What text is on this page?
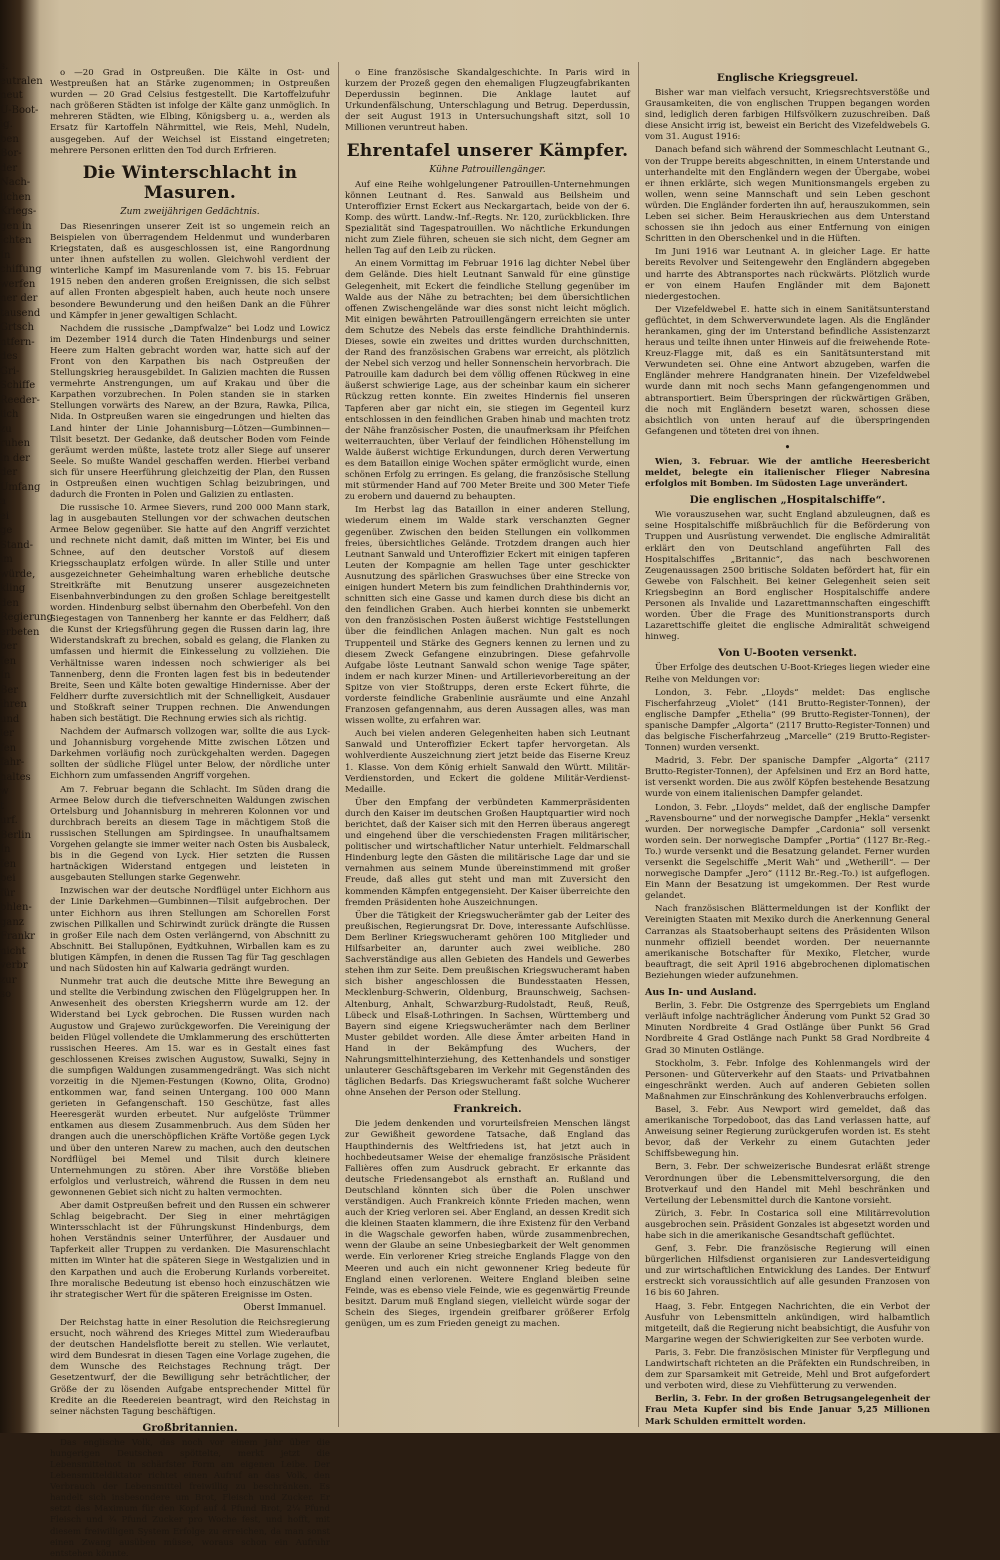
s.
eutralen
neut
U-Boot-
ig.
ben
Bor-
der
Nach-
lichen
Kriegs-
gen in
ichten
In
chiffung
werfen
ner der
tausend
Grtsch
ntfern-
des
Gri-
Schiffe
Reeder-
lich
zu
ruhen
in der
der
Umfang
a
ei
ge
Stand-
im
würde,
kling
den
Regierung
erbeten
ber
fen
In
Ber
ihren
und
ler
fen
fahr-
haltes
w
t
urf.
Berlin
In
fen
bei
für
bhlen-
ganz
Frankr
nicht
verbr
zur
so

o —20 Grad in Ostpreußen. Die Kälte in Ost- und Westpreußen hat an Stärke zugenommen; in Ostpreußen wurden — 20 Grad Celsius festgestellt. Die Kartoffelzufuhr nach größeren Städten ist infolge der Kälte ganz unmöglich. In mehreren Städten, wie Elbing, Königsberg u. a., werden als Ersatz für Kartoffeln Nährmittel, wie Reis, Mehl, Nudeln, ausgegeben. Auf der Weichsel ist Eisstand eingetreten; mehrere Personen erlitten den Tod durch Erfrieren.

Die Winterschlacht in Masuren.
Zum zweijährigen Gedächtnis.

Das Riesenringen unserer Zeit ist so ungemein reich an Beispielen von überragendem Heldenmut und wunderbaren Kriegstaten, daß es ausgeschlossen ist, eine Rangordnung unter ihnen aufstellen zu wollen. Gleichwohl verdient der winterliche Kampf im Masurenlande vom 7. bis 15. Februar 1915 neben den anderen großen Ereignissen, die sich selbst auf allen Fronten abgespielt haben, auch heute noch unsere besondere Bewunderung und den heißen Dank an die Führer und Kämpfer in jener gewaltigen Schlacht.

Nachdem die russische „Dampfwalze“ bei Lodz und Lowicz im Dezember 1914 durch die Taten Hindenburgs und seiner Heere zum Halten gebracht worden war, hatte sich auf der Front von den Karpathen bis nach Ostpreußen der Stellungskrieg herausgebildet. In Galizien machten die Russen vermehrte Anstrengungen, um auf Krakau und über die Karpathen vorzubrechen. In Polen standen sie in starken Stellungen vorwärts des Narew, an der Bzura, Rawka, Pilica, Nida. In Ostpreußen waren sie eingedrungen und hielten das Land hinter der Linie Johannisburg—Lötzen—Gumbinnen—Tilsit besetzt. Der Gedanke, daß deutscher Boden vom Feinde geräumt werden müßte, lastete trotz aller Siege auf unserer Seele. So mußte Wandel geschaffen werden. Hierbei verband sich für unsere Heerführung gleichzeitig der Plan, den Russen in Ostpreußen einen wuchtigen Schlag beizubringen, und dadurch die Fronten in Polen und Galizien zu entlasten.

Die russische 10. Armee Sievers, rund 200 000 Mann stark, lag in ausgebauten Stellungen vor der schwachen deutschen Armee Below gegenüber. Sie hatte auf den Angriff verzichtet und rechnete nicht damit, daß mitten im Winter, bei Eis und Schnee, auf den deutscher Vorstoß auf diesem Kriegsschauplatz erfolgen würde. In aller Stille und unter ausgezeichneter Geheimhaltung waren erhebliche deutsche Streitkräfte mit Benutzung unserer ausgezeichneten Eisenbahnverbindungen zu den großen Schlage bereitgestellt worden. Hindenburg selbst übernahm den Oberbefehl. Von den Siegestagen von Tannenberg her kannte er das Feldherr, daß die Kunst der Kriegsführung gegen die Russen darin lag, ihre Widerstandskraft zu brechen, sobald es gelang, die Flanken zu umfassen und hiermit die Einkesselung zu vollziehen. Die Verhältnisse waren indessen noch schwieriger als bei Tannenberg, denn die Fronten lagen fest bis in bedeutender Breite, Seen und Kälte boten gewaltige Hindernisse. Aber der Feldherr durfte zuversichtlich mit der Schnelligkeit, Ausdauer und Stoßkraft seiner Truppen rechnen. Die Anwendungen haben sich bestätigt. Die Rechnung erwies sich als richtig.

Nachdem der Aufmarsch vollzogen war, sollte die aus Lyck- und Johannisburg vorgehende Mitte zwischen Lötzen und Darkehmen vorläufig noch zurückgehalten werden. Dagegen sollten der südliche Flügel unter Below, der nördliche unter Eichhorn zum umfassenden Angriff vorgehen.

Am 7. Februar begann die Schlacht. Im Süden drang die Armee Below durch die tiefverschneiten Waldungen zwischen Ortelsburg und Johannisburg in mehreren Kolonnen vor und durchbrach bereits an diesem Tage in mächtigem Stoß die russischen Stellungen am Spirdingsee. In unaufhaltsamem Vorgehen gelangte sie immer weiter nach Osten bis Ausbaleck, bis in die Gegend von Lyck. Hier setzten die Russen hartnäckigen Widerstand entgegen und leisteten in ausgebauten Stellungen starke Gegenwehr.

Inzwischen war der deutsche Nordflügel unter Eichhorn aus der Linie Darkehmen—Gumbinnen—Tilsit aufgebrochen. Der unter Eichhorn aus ihren Stellungen am Schorellen Forst zwischen Pillkallen und Schirwindt zurück drängte die Russen in großer Eile nach dem Osten verlängernd, von Abschnitt zu Abschnitt. Bei Stallupönen, Eydtkuhnen, Wirballen kam es zu blutigen Kämpfen, in denen die Russen Tag für Tag geschlagen und nach Südosten hin auf Kalwaria gedrängt wurden.

Nunmehr trat auch die deutsche Mitte ihre Bewegung an und stellte die Verbindung zwischen den Flügelgruppen her. In Anwesenheit des obersten Kriegsherrn wurde am 12. der Widerstand bei Lyck gebrochen. Die Russen wurden nach Augustow und Grajewo zurückgeworfen. Die Vereinigung der beiden Flügel vollendete die Umklammerung des erschütterten russischen Heeres. Am 15. war es in Gestalt eines fast geschlossenen Kreises zwischen Augustow, Suwalki, Sejny in die sumpfigen Waldungen zusammengedrängt. Was sich nicht vorzeitig in die Njemen-Festungen (Kowno, Olita, Grodno) entkommen war, fand seinen Untergang. 100 000 Mann gerieten in Gefangenschaft. 150 Geschütze, fast alles Heeresgerät wurden erbeutet. Nur aufgelöste Trümmer entkamen aus diesem Zusammenbruch. Aus dem Süden her drangen auch die unerschöpflichen Kräfte Vortöße gegen Lyck und über den unteren Narew zu machen, auch den deutschen Nordflügel bei Memel und Tilsit durch kleinere Unternehmungen zu stören. Aber ihre Vorstöße blieben erfolglos und verlustreich, während die Russen in dem neu gewonnenen Gebiet sich nicht zu halten vermochten.

Aber damit Ostpreußen befreit und den Russen ein schwerer Schlag beigebracht. Der Sieg in einer mehrtägigen Wintersschlacht ist der Führungskunst Hindenburgs, dem hohen Verständnis seiner Unterführer, der Ausdauer und Tapferkeit aller Truppen zu verdanken. Die Masurenschlacht mitten im Winter hat die späteren Siege in Westgalizien und in den Karpathen und auch die Eroberung Kurlands vorbereitet. Ihre moralische Bedeutung ist ebenso hoch einzuschätzen wie ihr strategischer Wert für die späteren Ereignisse im Osten.

Oberst Immanuel.

Der Reichstag hatte in einer Resolution die Reichsregierung ersucht, noch während des Krieges Mittel zum Wiederaufbau der deutschen Handelsflotte bereit zu stellen. Wie verlautet, wird dem Bundesrat in diesen Tagen eine Vorlage zugehen, die dem Wunsche des Reichstages Rechnung trägt. Der Gesetzentwurf, der die Bewilligung sehr beträchtlicher, der Größe der zu lösenden Aufgabe entsprechender Mittel für Kredite an die Reedereien beantragt, wird den Reichstag in seiner nächsten Tagung beschäftigen.

Großbritannien.

Das englische Volk, das noch vor einem Jahr über die hungerigen Deutschen spöttelte, merkt jetzt die Lebensmittelnot in schärfster Form am eigenen Leibe. Der Lebensmitteldiktator richtet einen Aufruf an das Volk, den Verbrauch der Lebensmittel freiwillig zu beschränken. Es handelt sich insbesondere um Brot, Fleisch und Zucker. Er setzt das Maximum für den Kopf auf 4 Pfund Brot, 2¼ Pfund Fleisch und ¾ Pfund Zucker pro Woche fest, und hofft, mit diesem freiwilligen System Erfolge zu erreichen, da man sonst einen Zwang ausüben müsse, woraus schon ein Aufruhr entstehen könnte.

o Eine französische Skandalgeschichte. In Paris wird in kurzem der Prozeß gegen den ehemaligen Flugzeugfabrikanten Deperdussin beginnen. Die Anklage lautet auf Urkundenfälschung, Unterschlagung und Betrug. Deperdussin, der seit August 1913 in Untersuchungshaft sitzt, soll 10 Millionen veruntreut haben.

Ehrentafel unserer Kämpfer.
Kühne Patrouillengänger.

Auf eine Reihe wohlgelungener Patrouillen-Unternehmungen können Leutnant d. Res. Sanwald aus Beilsheim und Unteroffizier Ernst Eckert aus Neckargartach, beide von der 6. Komp. des württ. Landw.-Inf.-Regts. Nr. 120, zurückblicken. Ihre Spezialität sind Tagespatrouillen. Wo nächtliche Erkundungen nicht zum Ziele führen, scheuen sie sich nicht, dem Gegner am hellen Tag auf den Leib zu rücken.

An einem Vormittag im Februar 1916 lag dichter Nebel über dem Gelände. Dies hielt Leutnant Sanwald für eine günstige Gelegenheit, mit Eckert die feindliche Stellung gegenüber im Walde aus der Nähe zu betrachten; bei dem übersichtlichen offenen Zwischengelände war dies sonst nicht leicht möglich. Mit einigen bewährten Patrouillengängern erreichten sie unter dem Schutze des Nebels das erste feindliche Drahthindernis. Dieses, sowie ein zweites und drittes wurden durchschnitten, der Rand des französischen Grabens war erreicht, als plötzlich der Nebel sich verzog und heller Sonnenschein hervorbrach. Die Patrouille kam dadurch bei dem völlig offenen Rückweg in eine äußerst schwierige Lage, aus der scheinbar kaum ein sicherer Rückzug retten konnte. Ein zweites Hindernis fiel unseren Tapferen aber gar nicht ein, sie stiegen im Gegenteil kurz entschlossen in den feindlichen Graben hinab und machten trotz der Nähe französischer Posten, die unaufmerksam ihr Pfeifchen weiterrauchten, über Verlauf der feindlichen Höhenstellung im Walde äußerst wichtige Erkundungen, durch deren Verwertung es dem Bataillon einige Wochen später ermöglicht wurde, einen schönen Erfolg zu erringen. Es gelang, die französische Stellung mit stürmender Hand auf 700 Meter Breite und 300 Meter Tiefe zu erobern und dauernd zu behaupten.

Im Herbst lag das Bataillon in einer anderen Stellung, wiederum einem im Walde stark verschanzten Gegner gegenüber. Zwischen den beiden Stellungen ein vollkommen freies, übersichtliches Gelände. Trotzdem drangen auch hier Leutnant Sanwald und Unteroffizier Eckert mit einigen tapferen Leuten der Kompagnie am hellen Tage unter geschickter Ausnutzung des spärlichen Graswuchses über eine Strecke von einigen hundert Metern bis zum feindlichen Drahthindernis vor, schnitten sich eine Gasse und kamen durch diese bis dicht an den feindlichen Graben. Auch hierbei konnten sie unbemerkt von den französischen Posten äußerst wichtige Feststellungen über die feindlichen Anlagen machen. Nun galt es noch Truppenteil und Stärke des Gegners kennen zu lernen und zu diesem Zweck Gefangene einzubringen. Diese gefahrvolle Aufgabe löste Leutnant Sanwald schon wenige Tage später, indem er nach kurzer Minen- und Artillerievorbereitung an der Spitze von vier Stoßtrupps, deren erste Eckert führte, die vorderste feindliche Grabenlinie ausräumte und eine Anzahl Franzosen gefangennahm, aus deren Aussagen alles, was man wissen wollte, zu erfahren war.

Auch bei vielen anderen Gelegenheiten haben sich Leutnant Sanwald und Unteroffizier Eckert tapfer hervorgetan. Als wohlverdiente Auszeichnung ziert jetzt beide das Eiserne Kreuz 1. Klasse. Von dem König erhielt Sanwald den Württ. Militär-Verdienstorden, und Eckert die goldene Militär-Verdienst-Medaille.

Über den Empfang der verbündeten Kammerpräsidenten durch den Kaiser im deutschen Großen Hauptquartier wird noch berichtet, daß der Kaiser sich mit den Herren überaus angeregt und eingehend über die verschiedensten Fragen militärischer, politischer und wirtschaftlicher Natur unterhielt. Feldmarschall Hindenburg legte den Gästen die militärische Lage dar und sie vernahmen aus seinem Munde übereinstimmend mit großer Freude, daß alles gut steht und man mit Zuversicht den kommenden Kämpfen entgegensieht. Der Kaiser überreichte den fremden Präsidenten hohe Auszeichnungen.

Über die Tätigkeit der Kriegswucherämter gab der Leiter des preußischen, Regierungsrat Dr. Dove, interessante Aufschlüsse. Dem Berliner Kriegswucheramt gehören 100 Mitglieder und Hilfsarbeiter an, darunter auch zwei weibliche. 280 Sachverständige aus allen Gebieten des Handels und Gewerbes stehen ihm zur Seite. Dem preußischen Kriegswucheramt haben sich bisher angeschlossen die Bundesstaaten Hessen, Mecklenburg-Schwerin, Oldenburg, Braunschweig, Sachsen-Altenburg, Anhalt, Schwarzburg-Rudolstadt, Reuß, Reuß, Lübeck und Elsaß-Lothringen. In Sachsen, Württemberg und Bayern sind eigene Kriegswucherämter nach dem Berliner Muster gebildet worden. Alle diese Ämter arbeiten Hand in Hand in der Bekämpfung des Wuchers, der Nahrungsmittelhinterziehung, des Kettenhandels und sonstiger unlauterer Geschäftsgebaren im Verkehr mit Gegenständen des täglichen Bedarfs. Das Kriegswucheramt faßt solche Wucherer ohne Ansehen der Person oder Stellung.

Frankreich.

Die jedem denkenden und vorurteilsfreien Menschen längst zur Gewißheit gewordene Tatsache, daß England das Haupthindernis des Weltfriedens ist, hat jetzt auch in hochbedeutsamer Weise der ehemalige französische Präsident Fallières offen zum Ausdruck gebracht. Er erkannte das deutsche Friedensangebot als ernsthaft an. Rußland und Deutschland könnten sich über die Polen unschwer verständigen. Auch Frankreich könnte Frieden machen, wenn auch der Krieg verloren sei. Aber England, an dessen Kredit sich die kleinen Staaten klammern, die ihre Existenz für den Verband in die Wagschale geworfen haben, würde zusammenbrechen, wenn der Glaube an seine Unbesiegbarkeit der Welt genommen werde. Ein verlorener Krieg streiche Englands Flagge von den Meeren und auch ein nicht gewonnener Krieg bedeute für England einen verlorenen. Weitere England bleiben seine Feinde, was es ebenso viele Feinde, wie es gegenwärtig Freunde besitzt. Darum muß England siegen, vielleicht würde sogar der Schein des Sieges, irgendein greifbarer größerer Erfolg genügen, um es zum Frieden geneigt zu machen.

Englische Kriegsgreuel.

Bisher war man vielfach versucht, Kriegsrechtsverstöße und Grausamkeiten, die von englischen Truppen begangen worden sind, lediglich deren farbigen Hilfsvölkern zuzuschreiben. Daß diese Ansicht irrig ist, beweist ein Bericht des Vizefeldwebels G. vom 31. August 1916:

Danach befand sich während der Sommeschlacht Leutnant G., von der Truppe bereits abgeschnitten, in einem Unterstande und unterhandelte mit den Engländern wegen der Übergabe, wobei er ihnen erklärte, sich wegen Munitionsmangels ergeben zu wollen, wenn seine Mannschaft und sein Leben geschont würden. Die Engländer forderten ihn auf, herauszukommen, sein Leben sei sicher. Beim Herauskriechen aus dem Unterstand schossen sie ihn jedoch aus einer Entfernung von einigen Schritten in den Oberschenkel und in die Hüften.

Im Juni 1916 war Leutnant A. in gleicher Lage. Er hatte bereits Revolver und Seitengewehr den Engländern abgegeben und harrte des Abtransportes nach rückwärts. Plötzlich wurde er von einem Haufen Engländer mit dem Bajonett niedergestochen.

Der Vizefeldwebel E. hatte sich in einem Sanitätsunterstand geflüchtet, in dem Schwerverwundete lagen. Als die Engländer herankamen, ging der im Unterstand befindliche Assistenzarzt heraus und teilte ihnen unter Hinweis auf die freiwehende Rote-Kreuz-Flagge mit, daß es ein Sanitätsunterstand mit Verwundeten sei. Ohne eine Antwort abzugeben, warfen die Engländer mehrere Handgranaten hinein. Der Vizefeldwebel wurde dann mit noch sechs Mann gefangengenommen und abtransportiert. Beim Überspringen der rückwärtigen Gräben, die noch mit Engländern besetzt waren, schossen diese absichtlich von unten herauf auf die überspringenden Gefangenen und töteten drei von ihnen.

•

Wien, 3. Februar. Wie der amtliche Heeresbericht meldet, belegte ein italienischer Flieger Nabresina erfolglos mit Bomben. Im Südosten Lage unverändert.

Die englischen „Hospitalschiffe“.

Wie vorauszusehen war, sucht England abzuleugnen, daß es seine Hospitalschiffe mißbräuchlich für die Beförderung von Truppen und Ausrüstung verwendet. Die englische Admiralität erklärt den von Deutschland angeführten Fall des Hospitalschiffes „Britannic“, das nach beschworenen Zeugenaussagen 2500 britische Soldaten befördert hat, für ein Gewebe von Falschheit. Bei keiner Gelegenheit seien seit Kriegsbeginn an Bord englischer Hospitalschiffe andere Personen als Invalide und Lazarettmannschaften eingeschifft worden. Über die Frage des Munitionstransports durch Lazarettschiffe gleitet die englische Admiralität schweigend hinweg.

Von U-Booten versenkt.

Über Erfolge des deutschen U-Boot-Krieges liegen wieder eine Reihe von Meldungen vor:

London, 3. Febr. „Lloyds“ meldet: Das englische Fischerfahrzeug „Violet“ (141 Brutto-Register-Tonnen), der englische Dampfer „Ethelia“ (99 Brutto-Register-Tonnen), der spanische Dampfer „Algorta“ (2117 Brutto-Register-Tonnen) und das belgische Fischerfahrzeug „Marcelle“ (219 Brutto-Register-Tonnen) wurden versenkt.

Madrid, 3. Febr. Der spanische Dampfer „Algorta“ (2117 Brutto-Register-Tonnen), der Apfelsinen und Erz an Bord hatte, ist versenkt worden. Die aus zwölf Köpfen bestehende Besatzung wurde von einem italienischen Dampfer gelandet.

London, 3. Febr. „Lloyds“ meldet, daß der englische Dampfer „Ravensbourne“ und der norwegische Dampfer „Hekla“ versenkt wurden. Der norwegische Dampfer „Cardonia“ soll versenkt worden sein. Der norwegische Dampfer „Portia“ (1127 Br.-Reg.-To.) wurde versenkt und die Besatzung gelandet. Ferner wurden versenkt die Segelschiffe „Merit Wah“ und „Wetherill“. — Der norwegische Dampfer „Jero“ (1112 Br.-Reg.-To.) ist aufgeflogen. Ein Mann der Besatzung ist umgekommen. Der Rest wurde gelandet.

Nach französischen Blättermeldungen ist der Konflikt der Vereinigten Staaten mit Mexiko durch die Anerkennung General Carranzas als Staatsoberhaupt seitens des Präsidenten Wilson nunmehr offiziell beendet worden. Der neuernannte amerikanische Botschafter für Mexiko, Fletcher, wurde beauftragt, die seit April 1916 abgebrochenen diplomatischen Beziehungen wieder aufzunehmen.

Aus In- und Ausland.

Berlin, 3. Febr. Die Ostgrenze des Sperrgebiets um England verläuft infolge nachträglicher Änderung vom Punkt 52 Grad 30 Minuten Nordbreite 4 Grad Ostlänge über Punkt 56 Grad Nordbreite 4 Grad Ostlänge nach Punkt 58 Grad Nordbreite 4 Grad 30 Minuten Ostlänge.

Stockholm, 3. Febr. Infolge des Kohlenmangels wird der Personen- und Güterverkehr auf den Staats- und Privatbahnen eingeschränkt werden. Auch auf anderen Gebieten sollen Maßnahmen zur Einschränkung des Kohlenverbrauchs erfolgen.

Basel, 3. Febr. Aus Newport wird gemeldet, daß das amerikanische Torpedoboot, das das Land verlassen hatte, auf Anweisung seiner Regierung zurückgerufen worden ist. Es steht bevor, daß der Verkehr zu einem Gutachten jeder Schiffsbewegung hin.

Bern, 3. Febr. Der schweizerische Bundesrat erläßt strenge Verordnungen über die Lebensmittelversorgung, die den Brotverkauf und den Handel mit Mehl beschränken und Verteilung der Lebensmittel durch die Kantone vorsieht.

Zürich, 3. Febr. In Costarica soll eine Militärrevolution ausgebrochen sein. Präsident Gonzales ist abgesetzt worden und habe sich in die amerikanische Gesandtschaft geflüchtet.

Genf, 3. Febr. Die französische Regierung will einen bürgerlichen Hilfsdienst organisieren zur Landesverteidigung und zur wirtschaftlichen Entwicklung des Landes. Der Entwurf erstreckt sich voraussichtlich auf alle gesunden Franzosen von 16 bis 60 Jahren.

Haag, 3. Febr. Entgegen Nachrichten, die ein Verbot der Ausfuhr von Lebensmitteln ankündigen, wird halbamtlich mitgeteilt, daß die Regierung nicht beabsichtigt, die Ausfuhr von Margarine wegen der Schwierigkeiten zur See verboten wurde.

Paris, 3. Febr. Die französischen Minister für Verpflegung und Landwirtschaft richteten an die Präfekten ein Rundschreiben, in dem zur Sparsamkeit mit Getreide, Mehl und Brot aufgefordert und verboten wird, diese zu Viehfütterung zu verwenden.

Berlin, 3. Febr. In der großen Betrugsangelegenheit der Frau Meta Kupfer sind bis Ende Januar 5,25 Millionen Mark Schulden ermittelt worden.
